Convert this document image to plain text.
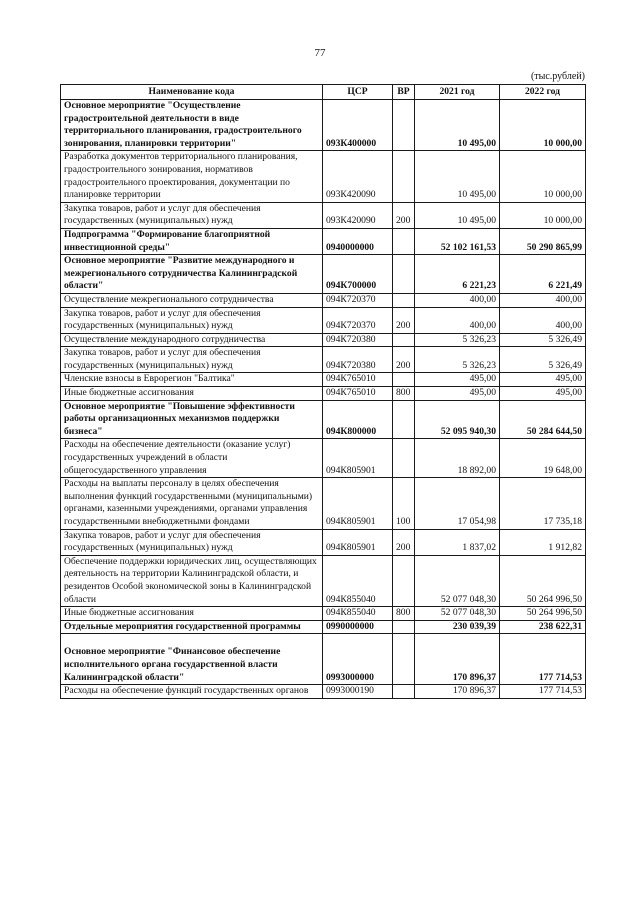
77
(тыс.рублей)
Наименование кода	ЦСР	ВР	2021 год	2022 год
Основное мероприятие "Осуществление градостроительной деятельности в виде территориального планирования, градостроительного зонирования, планировки территории"	093К400000		10 495,00	10 000,00
Разработка документов территориального планирования, градостроительного зонирования, нормативов градостроительного проектирования, документации по планировке территории	093К420090		10 495,00	10 000,00
Закупка товаров, работ и услуг для обеспечения государственных (муниципальных) нужд	093К420090	200	10 495,00	10 000,00
Подпрограмма "Формирование благоприятной инвестиционной среды"	0940000000		52 102 161,53	50 290 865,99
Основное мероприятие "Развитие международного и межрегионального сотрудничества Калининградской области"	094К700000		6 221,23	6 221,49
Осуществление межрегионального сотрудничества	094К720370		400,00	400,00
Закупка товаров, работ и услуг для обеспечения государственных (муниципальных) нужд	094К720370	200	400,00	400,00
Осуществление международного сотрудничества	094К720380		5 326,23	5 326,49
Закупка товаров, работ и услуг для обеспечения государственных (муниципальных) нужд	094К720380	200	5 326,23	5 326,49
Членские взносы в Еврорегион "Балтика"	094К765010		495,00	495,00
Иные бюджетные ассигнования	094К765010	800	495,00	495,00
Основное мероприятие "Повышение эффективности работы организационных механизмов поддержки бизнеса"	094К800000		52 095 940,30	50 284 644,50
Расходы на обеспечение деятельности (оказание услуг) государственных учреждений в области общегосударственного управления	094К805901		18 892,00	19 648,00
Расходы на выплаты персоналу в целях обеспечения выполнения функций государственными (муниципальными) органами, казенными учреждениями, органами управления государственными внебюджетными фондами	094К805901	100	17 054,98	17 735,18
Закупка товаров, работ и услуг для обеспечения государственных (муниципальных) нужд	094К805901	200	1 837,02	1 912,82
Обеспечение поддержки юридических лиц, осуществляющих деятельность на территории Калининградской области, и резидентов Особой экономической зоны в Калининградской области	094К855040		52 077 048,30	50 264 996,50
Иные бюджетные ассигнования	094К855040	800	52 077 048,30	50 264 996,50
Отдельные мероприятия государственной программы	0990000000		230 039,39	238 622,31
Основное мероприятие "Финансовое обеспечение исполнительного органа государственной власти Калининградской области"	0993000000		170 896,37	177 714,53
Расходы на обеспечение функций государственных органов	0993000190		170 896,37	177 714,53
